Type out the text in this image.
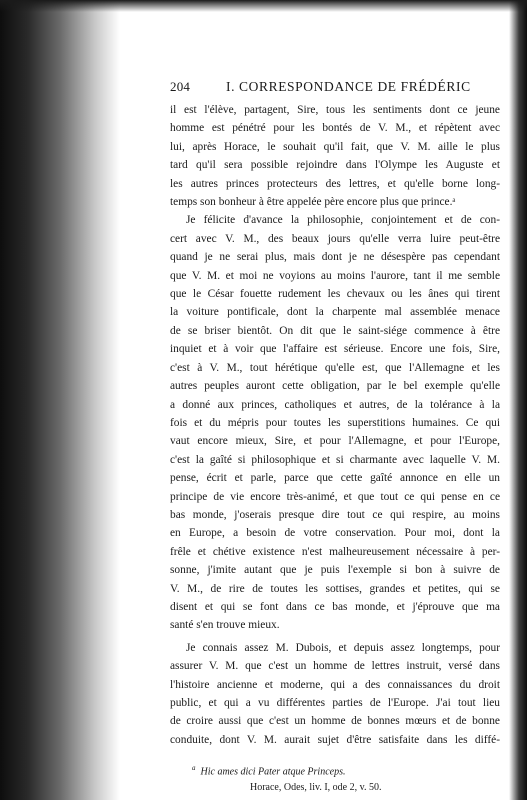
204	I. CORRESPONDANCE DE FRÉDÉRIC
il est l'élève, partagent, Sire, tous les sentiments dont ce jeune
homme est pénétré pour les bontés de V. M., et répètent avec
lui, après Horace, le souhait qu'il fait, que V. M. aille le plus
tard qu'il sera possible rejoindre dans l'Olympe les Auguste et
les autres princes protecteurs des lettres, et qu'elle borne long-
temps son bonheur à être appelée père encore plus que prince.ᵃ
Je félicite d'avance la philosophie, conjointement et de con-
cert avec V. M., des beaux jours qu'elle verra luire peut-être
quand je ne serai plus, mais dont je ne désespère pas cependant
que V. M. et moi ne voyions au moins l'aurore, tant il me semble
que le César fouette rudement les chevaux ou les ânes qui tirent
la voiture pontificale, dont la charpente mal assemblée menace
de se briser bientôt. On dit que le saint-siége commence à être
inquiet et à voir que l'affaire est sérieuse. Encore une fois, Sire,
c'est à V. M., tout hérétique qu'elle est, que l'Allemagne et les
autres peuples auront cette obligation, par le bel exemple qu'elle
a donné aux princes, catholiques et autres, de la tolérance à la
fois et du mépris pour toutes les superstitions humaines. Ce qui
vaut encore mieux, Sire, et pour l'Allemagne, et pour l'Europe,
c'est la gaîté si philosophique et si charmante avec laquelle V. M.
pense, écrit et parle, parce que cette gaîté annonce en elle un
principe de vie encore très-animé, et que tout ce qui pense en ce
bas monde, j'oserais presque dire tout ce qui respire, au moins
en Europe, a besoin de votre conservation. Pour moi, dont la
frêle et chétive existence n'est malheureusement nécessaire à per-
sonne, j'imite autant que je puis l'exemple si bon à suivre de
V. M., de rire de toutes les sottises, grandes et petites, qui se
disent et qui se font dans ce bas monde, et j'éprouve que ma
santé s'en trouve mieux.
Je connais assez M. Dubois, et depuis assez longtemps, pour
assurer V. M. que c'est un homme de lettres instruit, versé dans
l'histoire ancienne et moderne, qui a des connaissances du droit
public, et qui a vu différentes parties de l'Europe. J'ai tout lieu
de croire aussi que c'est un homme de bonnes mœurs et de bonne
conduite, dont V. M. aurait sujet d'être satisfaite dans les diffé-
$^a$ Hic ames dici Pater atque Princeps.
Horace, Odes, liv. I, ode 2, v. 50.
